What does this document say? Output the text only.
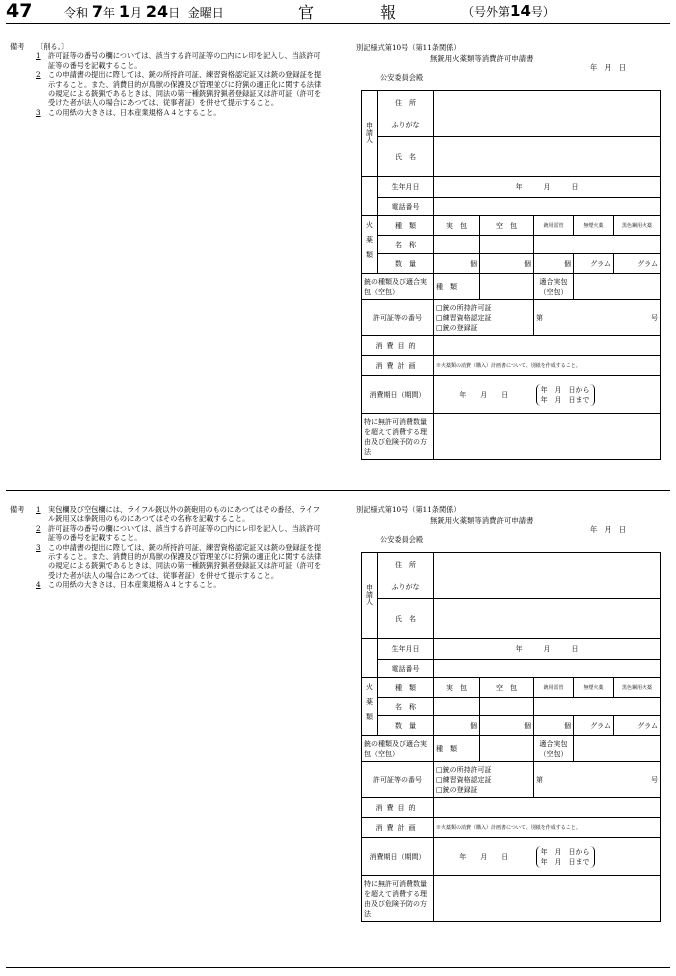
47	令和 7年 1月 24日 金曜日	官	報	（号外第14号）
備考	〔削る。〕
1	許可証等の番号の欄については、該当する許可証等の□内にレ印を記入し、当該許可証等の番号を記載すること。
2	この申請書の提出に際しては、銃の所持許可証、練習資格認定証又は銃の登録証を提示すること。また、消費目的が鳥獣の保護及び管理並びに狩猟の適正化に関する法律の規定による銃猟であるときは、同法の第一種銃猟狩猟者登録証又は許可証（許可を受けた者が法人の場合にあつては、従事者証）を併せて提示すること。
3	この用紙の大きさは、日本産業規格Ａ４とすること。
別記様式第10号（第11条関係）
無銃用火薬類等消費許可申請書
年　月　日
公安委員会殿
申請人	住　所					
	ふりがな					
	氏　名					
	生年月日	年　　　月　　　日				
	電話番号					
火薬類	種　類	実　包	空　包	銃用雷管	無煙火薬	黒色鋼用火薬
	名　称					
	数　量	個	個	個	グラム	グラム
銃の種類及び適合実包（空包）		種　類		適合実包（空包）		
許可証等の番号		□銃の所持許可証
□練習資格認定証
□銃の登録証		第	号	
消費目的						
消費計画		※火薬類の消費（購入）計画書について、別紙を作成すること。				
消費期日（期間）		年　　月　　日		年　月　日から
年　月　日まで		

特に無許可消費数量を超えて消費する理由及び危険予防の方法						
備考 1	実包欄及び空包欄には、ライフル銃以外の銃砲用のものにあつてはその番径、ライフル銃用又は拳銃用のものにあつてはその名称を記載すること。
2	許可証等の番号の欄については、該当する許可証等の□内にレ印を記入し、当該許可証等の番号を記載すること。
3	この申請書の提出に際しては、銃の所持許可証、練習資格認定証又は銃の登録証を提示すること。また、消費目的が鳥獣の保護及び管理並びに狩猟の適正化に関する法律の規定による銃猟であるときは、同法の第一種銃猟狩猟者登録証又は許可証（許可を受けた者が法人の場合にあつては、従事者証）を併せて提示すること。
4	この用紙の大きさは、日本産業規格Ａ４とすること。
別記様式第10号（第11条関係）
無銃用火薬類等消費許可申請書
年　月　日
公安委員会殿
申請人	住　所					
	ふりがな					
	氏　名					
	生年月日	年　　　月　　　日				
	電話番号					
火薬類	種　類	実　包	空　包	銃用雷管	無煙火薬	黒色鋼用火薬
	名　称					
	数　量	個	個	個	グラム	グラム
銃の種類及び適合実包（空包）		種　類		適合実包（空包）		
許可証等の番号		□銃の所持許可証
□練習資格認定証
□銃の登録証		第	号	
消費目的						
消費計画		※火薬類の消費（購入）計画書について、別紙を作成すること。				
消費期日（期間）		年　　月　　日		年　月　日から
年　月　日まで		

特に無許可消費数量を超えて消費する理由及び危険予防の方法						
